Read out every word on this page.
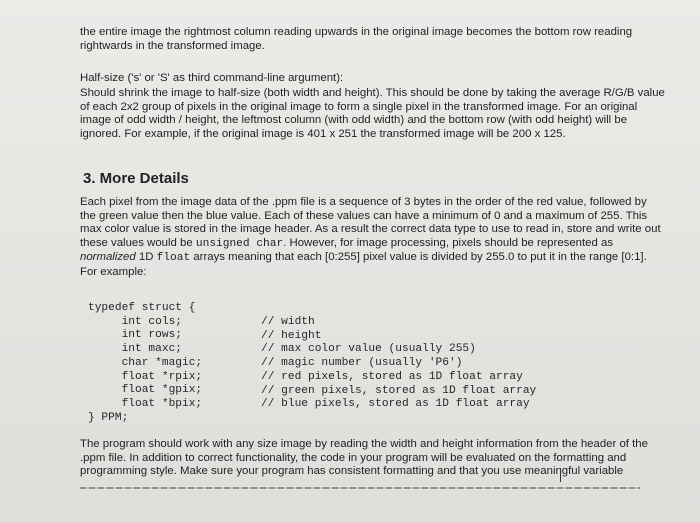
the entire image the rightmost column reading upwards in the original image becomes the bottom row reading rightwards in the transformed image.

Half-size ('s' or 'S' as third command-line argument):

Should shrink the image to half-size (both width and height). This should be done by taking the average R/G/B value of each 2x2 group of pixels in the original image to form a single pixel in the transformed image. For an original image of odd width / height, the leftmost column (with odd width) and the bottom row (with odd height) will be ignored. For example, if the original image is 401 x 251 the transformed image will be 200 x 125.

3. More Details

Each pixel from the image data of the .ppm file is a sequence of 3 bytes in the order of the red value, followed by the green value then the blue value. Each of these values can have a minimum of 0 and a maximum of 255. This max color value is stored in the image header. As a result the correct data type to use to read in, store and write out these values would be unsigned char. However, for image processing, pixels should be represented as normalized 1D float arrays meaning that each [0:255] pixel value is divided by 255.0 to put it in the range [0:1]. For example:

typedef struct {
int cols;
int rows;
int maxc;
char *magic;
float *rpix;
float *gpix;
float *bpix;
} PPM;
// width
// height
// max color value (usually 255)
// magic number (usually 'P6')
// red pixels, stored as 1D float array
// green pixels, stored as 1D float array
// blue pixels, stored as 1D float array

The program should work with any size image by reading the width and height information from the header of the .ppm file. In addition to correct functionality, the code in your program will be evaluated on the formatting and programming style. Make sure your program has consistent formatting and that you use meaningful variable
